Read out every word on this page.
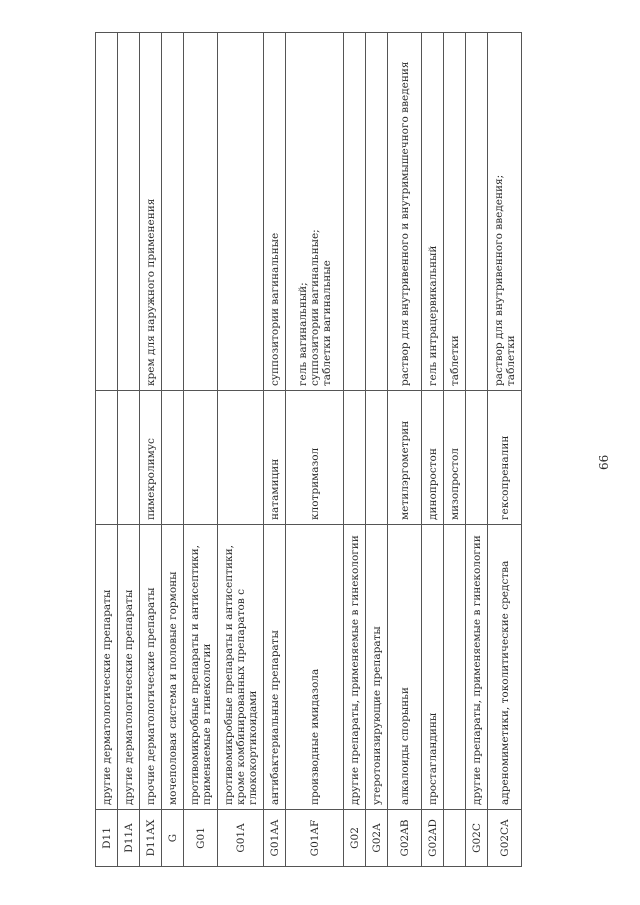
D11	другие дерматологические препараты		
D11A	другие дерматологические препараты		
D11AX	прочие дерматологические препараты	пимекролимус	крем для наружного применения

G	мочеполовая система и половые гормоны		
G01	противомикробные препараты и антисептики, применяемые в гинекологии		
G01A	противомикробные препараты и антисептики, кроме комбинированных препаратов с глюкокортикоидами		
G01AA	антибактериальные препараты	натамицин	суппозитории вагинальные

G01AF	производные имидазола	клотримазол	гель вагинальный; суппозитории вагинальные; таблетки вагинальные

G02	другие препараты, применяемые в гинекологии		
G02A	утеротонизирующие препараты		
G02AB	алкалоиды спорыньи	метилэргометрин	раствор для внутривенного и внутримышечного введения

G02AD	простагландины	динопростон	гель интрацервикальный

		мизопростол	таблетки

G02C	другие препараты, применяемые в гинекологии		
G02CA	адреномиметики, токолитические средства	гексопреналин	раствор для внутривенного введения; таблетки
66
